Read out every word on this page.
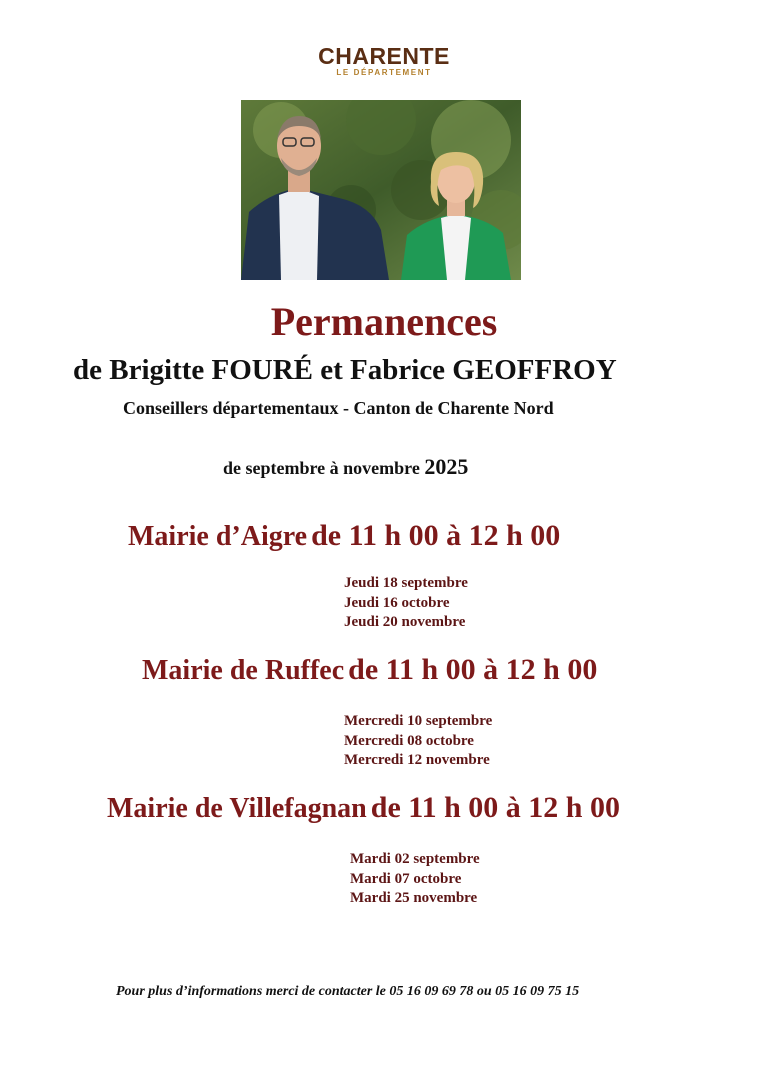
CHARENTE
LE DÉPARTEMENT
Permanences
de Brigitte FOURÉ et Fabrice GEOFFROY
Conseillers départementaux - Canton de Charente Nord
de septembre à novembre 2025
Mairie d’Aigre de 11 h 00 à 12 h 00
Jeudi 18 septembre
Jeudi 16 octobre
Jeudi 20 novembre
Mairie de Ruffec de 11 h 00 à 12 h 00
Mercredi 10 septembre
Mercredi 08 octobre
Mercredi 12 novembre
Mairie de Villefagnan de 11 h 00 à 12 h 00
Mardi 02 septembre
Mardi 07 octobre
Mardi 25 novembre
Pour plus d’informations merci de contacter le 05 16 09 69 78 ou 05 16 09 75 15
